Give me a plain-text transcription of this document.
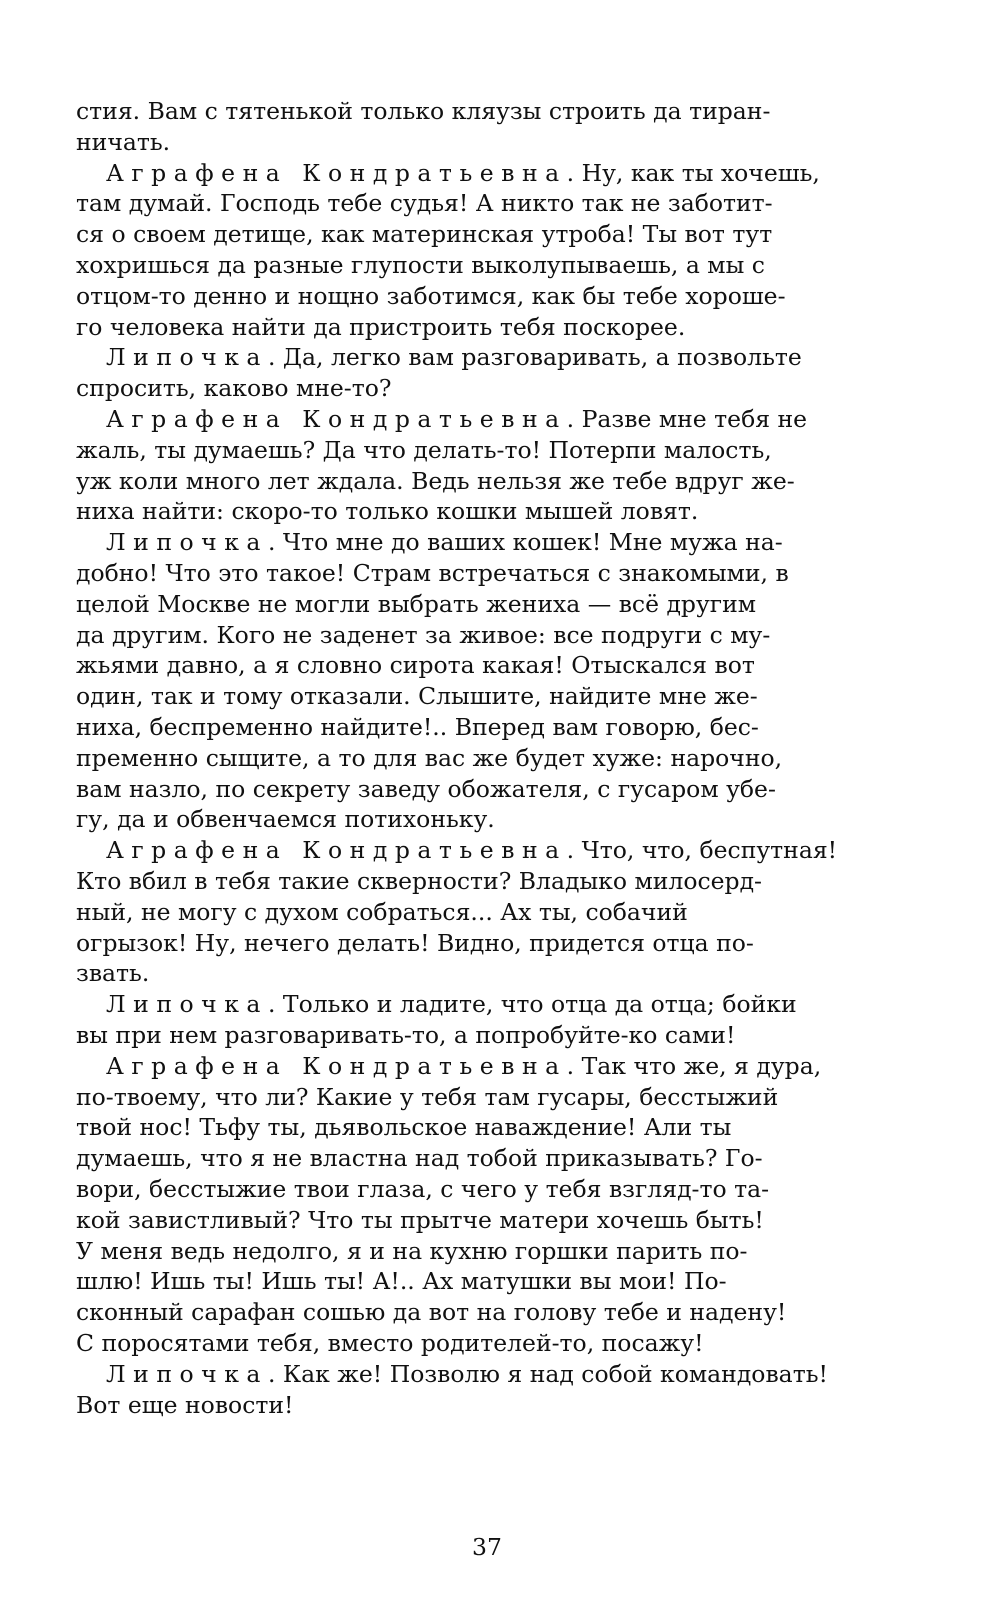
стия. Вам с тятенькой только кляузы строить да тиран-
ничать.
Аграфена Кондратьевна. Ну, как ты хочешь,
там думай. Господь тебе судья! А никто так не заботит-
ся о своем детище, как материнская утроба! Ты вот тут
хохришься да разные глупости выколупываешь, а мы с
отцом-то денно и нощно заботимся, как бы тебе хороше-
го человека найти да пристроить тебя поскорее.
Липочка. Да, легко вам разговаривать, а позвольте
спросить, каково мне-то?
Аграфена Кондратьевна. Разве мне тебя не
жаль, ты думаешь? Да что делать-то! Потерпи малость,
уж коли много лет ждала. Ведь нельзя же тебе вдруг же-
ниха найти: скоро-то только кошки мышей ловят.
Липочка. Что мне до ваших кошек! Мне мужа на-
добно! Что это такое! Страм встречаться с знакомыми, в
целой Москве не могли выбрать жениха — всё другим
да другим. Кого не заденет за живое: все подруги с му-
жьями давно, а я словно сирота какая! Отыскался вот
один, так и тому отказали. Слышите, найдите мне же-
ниха, беспременно найдите!.. Вперед вам говорю, бес-
пременно сыщите, а то для вас же будет хуже: нарочно,
вам назло, по секрету заведу обожателя, с гусаром убе-
гу, да и обвенчаемся потихоньку.
Аграфена Кондратьевна. Что, что, беспутная!
Кто вбил в тебя такие скверности? Владыко милосерд-
ный, не могу с духом собраться... Ах ты, собачий
огрызок! Ну, нечего делать! Видно, придется отца по-
звать.
Липочка. Только и ладите, что отца да отца; бойки
вы при нем разговаривать-то, а попробуйте-ко сами!
Аграфена Кондратьевна. Так что же, я дура,
по-твоему, что ли? Какие у тебя там гусары, бесстыжий
твой нос! Тьфу ты, дьявольское наваждение! Али ты
думаешь, что я не властна над тобой приказывать? Го-
вори, бесстыжие твои глаза, с чего у тебя взгляд-то та-
кой завистливый? Что ты прытче матери хочешь быть!
У меня ведь недолго, я и на кухню горшки парить по-
шлю! Ишь ты! Ишь ты! А!.. Ах матушки вы мои! По-
сконный сарафан сошью да вот на голову тебе и надену!
С поросятами тебя, вместо родителей-то, посажу!
Липочка. Как же! Позволю я над собой командовать!
Вот еще новости!
37
